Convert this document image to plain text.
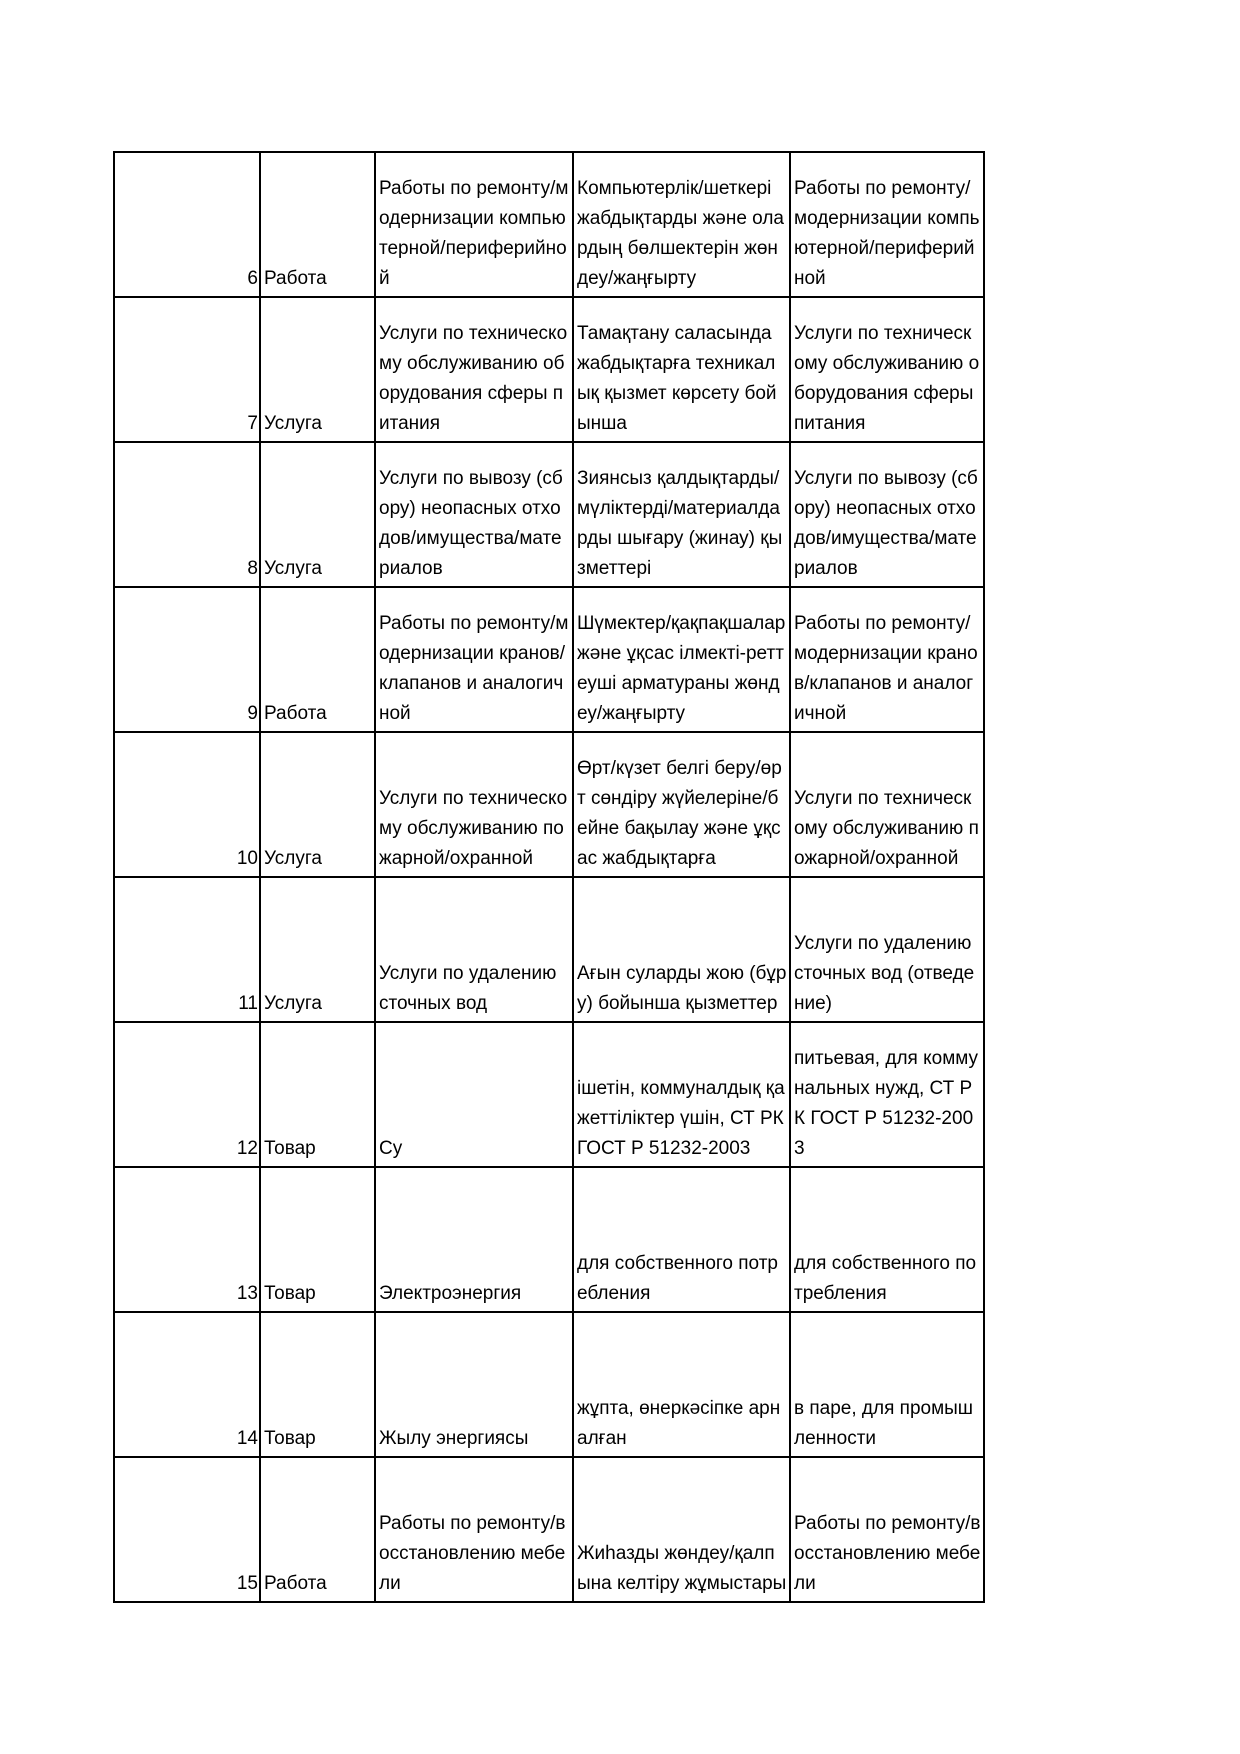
6	Работа	Работы по ремонту/модернизации компьютерной/периферийной	Компьютерлік/шеткері жабдықтарды және олардың бөлшектерін жөндеу/жаңғырту	Работы по ремонту/модернизации компьютерной/периферийной

7	Услуга	Услуги по техническому обслуживанию оборудования сферы питания	Тамақтану саласында жабдықтарға техникалық қызмет көрсету бойынша	Услуги по техническому обслуживанию оборудования сферы питания

8	Услуга	Услуги по вывозу (сбору) неопасных отходов/имущества/материалов	Зиянсыз қалдықтарды/мүліктерді/материалдарды шығару (жинау) қызметтері	Услуги по вывозу (сбору) неопасных отходов/имущества/материалов

9	Работа	Работы по ремонту/модернизации кранов/клапанов и аналогичной	Шүмектер/қақпақшалар және ұқсас ілмекті-реттеуші арматураны жөндеу/жаңғырту	Работы по ремонту/модернизации кранов/клапанов и аналогичной

10	Услуга	Услуги по техническому обслуживанию пожарной/охранной	Өрт/күзет белгі беру/өрт сөндіру жүйелеріне/бейне бақылау және ұқсас жабдықтарға	Услуги по техническому обслуживанию пожарной/охранной

11	Услуга	Услуги по удалению сточных вод	Ағын суларды жою (бұру) бойынша қызметтер	Услуги по удалению сточных вод (отведение)

12	Товар	Су	ішетін, коммуналдық қажеттіліктер үшін, СТ РК ГОСТ Р 51232-2003	питьевая, для коммунальных нужд, СТ РК ГОСТ Р 51232-2003

13	Товар	Электроэнергия	для собственного потребления	для собственного потребления

14	Товар	Жылу энергиясы	жұпта, өнеркәсіпке арналған	в паре, для промышленности

15	Работа	Работы по ремонту/восстановлению мебели	Жиһазды жөндеу/қалпына келтіру жұмыстары	Работы по ремонту/восстановлению мебели
